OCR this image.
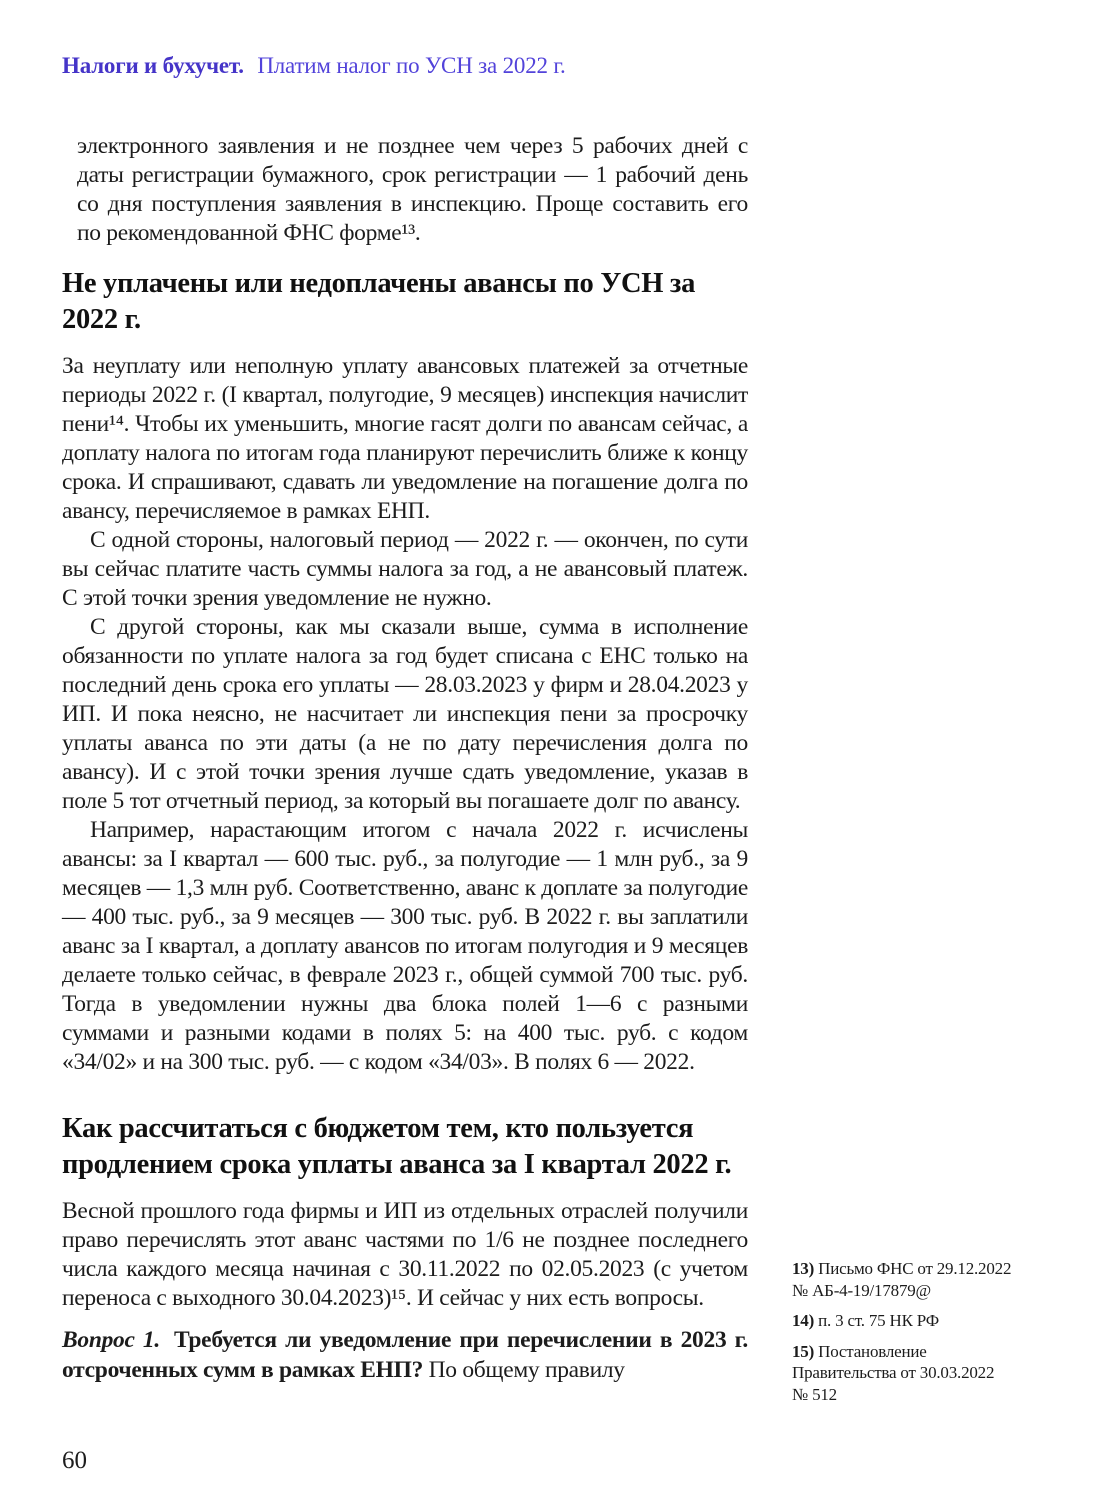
Налоги и бухучет. Платим налог по УСН за 2022 г.

электронного заявления и не позднее чем через 5 рабочих дней с даты регистрации бумажного, срок регистрации — 1 рабочий день со дня поступления заявления в инспекцию. Проще составить его по рекомендованной ФНС форме¹³.

Не уплачены или недоплачены авансы по УСН за 2022 г.

За неуплату или неполную уплату авансовых платежей за отчетные периоды 2022 г. (I квартал, полугодие, 9 месяцев) инспекция начислит пени¹⁴. Чтобы их уменьшить, многие гасят долги по авансам сейчас, а доплату налога по итогам года планируют перечислить ближе к концу срока. И спрашивают, сдавать ли уведомление на погашение долга по авансу, перечисляемое в рамках ЕНП.

С одной стороны, налоговый период — 2022 г. — окончен, по сути вы сейчас платите часть суммы налога за год, а не авансовый платеж. С этой точки зрения уведомление не нужно.

С другой стороны, как мы сказали выше, сумма в исполнение обязанности по уплате налога за год будет списана с ЕНС только на последний день срока его уплаты — 28.03.2023 у фирм и 28.04.2023 у ИП. И пока неясно, не насчитает ли инспекция пени за просрочку уплаты аванса по эти даты (а не по дату перечисления долга по авансу). И с этой точки зрения лучше сдать уведомление, указав в поле 5 тот отчетный период, за который вы погашаете долг по авансу.

Например, нарастающим итогом с начала 2022 г. исчислены авансы: за I квартал — 600 тыс. руб., за полугодие — 1 млн руб., за 9 месяцев — 1,3 млн руб. Соответственно, аванс к доплате за полугодие — 400 тыс. руб., за 9 месяцев — 300 тыс. руб. В 2022 г. вы заплатили аванс за I квартал, а доплату авансов по итогам полугодия и 9 месяцев делаете только сейчас, в феврале 2023 г., общей суммой 700 тыс. руб. Тогда в уведомлении нужны два блока полей 1—6 с разными суммами и разными кодами в полях 5: на 400 тыс. руб. с кодом «34/02» и на 300 тыс. руб. — с кодом «34/03». В полях 6 — 2022.

Как рассчитаться с бюджетом тем, кто пользуется продлением срока уплаты аванса за I квартал 2022 г.

Весной прошлого года фирмы и ИП из отдельных отраслей получили право перечислять этот аванс частями по 1/6 не позднее последнего числа каждого месяца начиная с 30.11.2022 по 02.05.2023 (с учетом переноса с выходного 30.04.2023)¹⁵. И сейчас у них есть вопросы.

Вопрос 1. Требуется ли уведомление при перечислении в 2023 г. отсроченных сумм в рамках ЕНП? По общему правилу

13) Письмо ФНС от 29.12.2022 № АБ-4-19/17879@

14) п. 3 ст. 75 НК РФ

15) Постановление Правительства от 30.03.2022 № 512

60
